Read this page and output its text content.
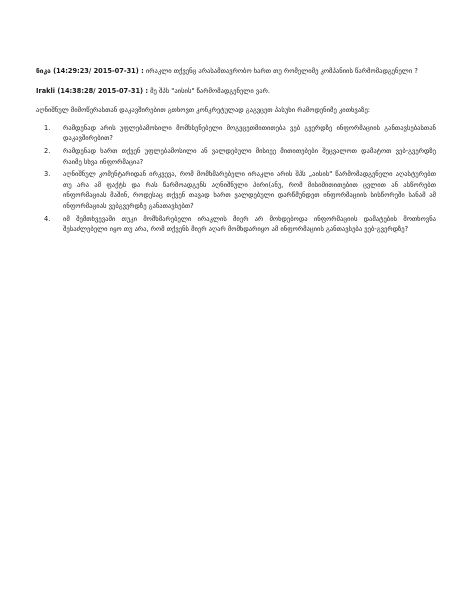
ნიკა (14:29:23/ 2015-07-31) : ირაკლი თქვენც არასამთავრობო ხართ თუ რომელიმე კომპანიის წარმომადგენელი ?

Irakli (14:38:28/ 2015-07-31) : მე შპს "აისის" წარმომადგენელი ვარ.

აღნიშნულ მიმოწერასთან დაკავშირებით გთხოვთ კონკრეტულად გაგვცეთ პასუხი რამოდენიმე კითხვაზე:

1. რამდენად არის უფლებამოსილი მომხსენებელი მოგვცეთმითითება ვებ გვერდზე ინფორმაციის განთავსებასთან დაკავშირებით?
2. რამდენად ხართ თქვენ უფლებამოსილი ან ვალდებული მისიეე მითითებები შეცვალოთ დამატოთ ვებ-გვერდზე რაიმე სხვა ინფორმაცია?
3. აღნიშნულ კომენტარიდან ირკვევა, რომ მომხმარებელი ირაკლი არის შპს „აისის" წარმომადგენელი აღასტურებთ თუ არა ამ ფაქტს და რას წარმოადგენს აღნიშნული პირი(ანუ, რომ მისიმითითებით ცვლით ან ასწორებთ ინფორმაციას მაშინ, როდესაც თქვენ თავად ხართ ვალდებული დარწმუნდეთ ინფორმაციის სისწორეში სანამ ამ ინფორმაციას ვებგვერდზე განათავსებთ?
4. იმ შემთხვევაში თუკი მომხმარებელი ირაკლის მიერ არ მოხდებოდა ინფორმაციის დამატების მოთხოვნა შესაძლებელი იყო თუ არა, რომ თქვენს მიერ აღარ მომხდარიყო ამ ინფორმაციის განთავსება ვებ-გვერდზე?
